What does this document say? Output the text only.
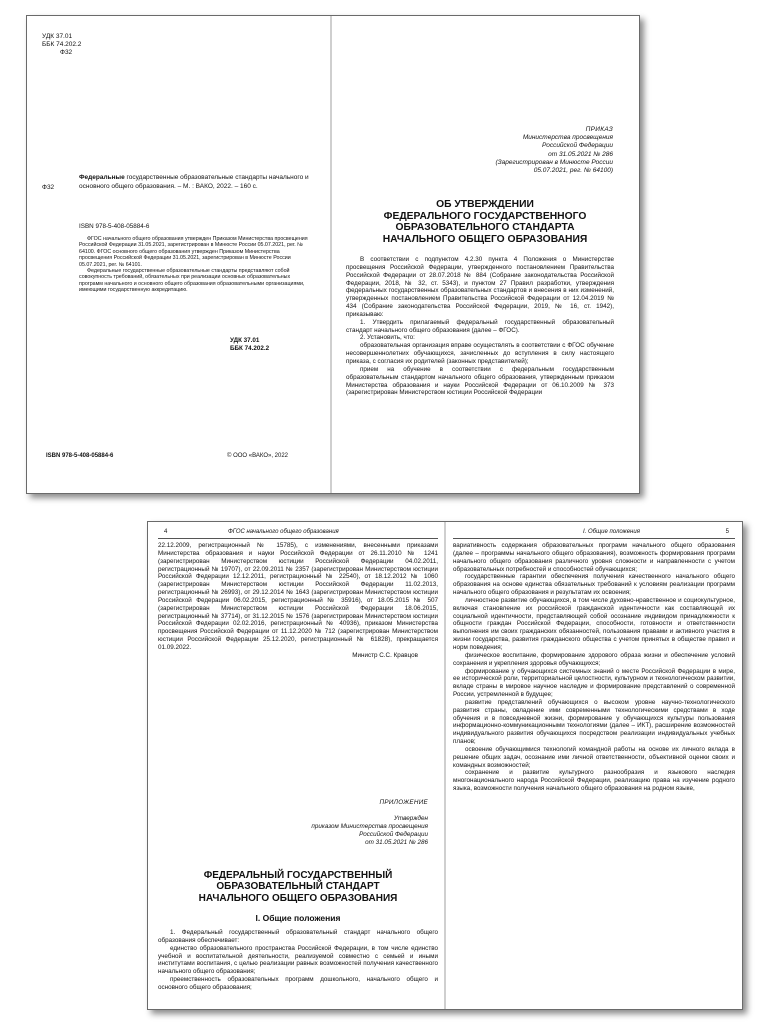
УДК 37.01
ББК 74.202.2
Ф32
Ф32
Федеральные государственные образовательные стандарты начального и основного общего образования. – М. : ВАКО, 2022. – 160 с.
ISBN 978-5-408-05884-6

ФГОС начального общего образования утвержден Приказом Министерства просвещения Российской Федерации 31.05.2021, зарегистрирован в Минюсте России 05.07.2021, рег. № 64100. ФГОС основного общего образования утвержден Приказом Министерства просвещения Российской Федерации 31.05.2021, зарегистрирован в Минюсте России 05.07.2021, рег. № 64101.

Федеральные государственные образовательные стандарты представляют собой совокупность требований, обязательных при реализации основных образовательных программ начального и основного общего образования образовательными организациями, имеющими государственную аккредитацию.

УДК 37.01
ББК 74.202.2
ISBN 978-5-408-05884-6	© ООО «ВАКО», 2022
ПРИКАЗ
Министерства просвещения
Российской Федерации
от 31.05.2021 № 286
(Зарегистрирован в Минюсте России
05.07.2021, рег. № 64100)
ОБ УТВЕРЖДЕНИИ
ФЕДЕРАЛЬНОГО ГОСУДАРСТВЕННОГО
ОБРАЗОВАТЕЛЬНОГО СТАНДАРТА
НАЧАЛЬНОГО ОБЩЕГО ОБРАЗОВАНИЯ

В соответствии с подпунктом 4.2.30 пункта 4 Положения о Министерстве просвещения Российской Федерации, утвержденного постановлением Правительства Российской Федерации от 28.07.2018 № 884 (Собрание законодательства Российской Федерации, 2018, № 32, ст. 5343), и пунктом 27 Правил разработки, утверждения федеральных государственных образовательных стандартов и внесения в них изменений, утвержденных постановлением Правительства Российской Федерации от 12.04.2019 № 434 (Собрание законодательства Российской Федерации, 2019, № 16, ст. 1942), приказываю:

1. Утвердить прилагаемый федеральный государственный образовательный стандарт начального общего образования (далее – ФГОС).

2. Установить, что:

образовательная организация вправе осуществлять в соответствии с ФГОС обучение несовершеннолетних обучающихся, зачисленных до вступления в силу настоящего приказа, с согласия их родителей (законных представителей);

прием на обучение в соответствии с федеральным государственным образовательным стандартом начального общего образования, утвержденным приказом Министерства образования и науки Российской Федерации от 06.10.2009 № 373 (зарегистрирован Министерством юстиции Российской Федерации

4	ФГОС начального общего образования

22.12.2009, регистрационный № 15785), с изменениями, внесенными приказами Министерства образования и науки Российской Федерации от 26.11.2010 № 1241 (зарегистрирован Министерством юстиции Российской Федерации 04.02.2011, регистрационный № 19707), от 22.09.2011 № 2357 (зарегистрирован Министерством юстиции Российской Федерации 12.12.2011, регистрационный № 22540), от 18.12.2012 № 1060 (зарегистрирован Министерством юстиции Российской Федерации 11.02.2013, регистрационный № 26993), от 29.12.2014 № 1643 (зарегистрирован Министерством юстиции Российской Федерации 06.02.2015, регистрационный № 35916), от 18.05.2015 № 507 (зарегистрирован Министерством юстиции Российской Федерации 18.06.2015, регистрационный № 37714), от 31.12.2015 № 1576 (зарегистрирован Министерством юстиции Российской Федерации 02.02.2016, регистрационный № 40936), приказом Министерства просвещения Российской Федерации от 11.12.2020 № 712 (зарегистрирован Министерством юстиции Российской Федерации 25.12.2020, регистрационный № 61828), прекращается 01.09.2022.

Министр С.С. Кравцов

ПРИЛОЖЕНИЕ
Утвержден
приказом Министерства просвещения
Российской Федерации
от 31.05.2021 № 286
ФЕДЕРАЛЬНЫЙ ГОСУДАРСТВЕННЫЙ
ОБРАЗОВАТЕЛЬНЫЙ СТАНДАРТ
НАЧАЛЬНОГО ОБЩЕГО ОБРАЗОВАНИЯ
I. Общие положения

1. Федеральный государственный образовательный стандарт начального общего образования обеспечивает:

единство образовательного пространства Российской Федерации, в том числе единство учебной и воспитательной деятельности, реализуемой совместно с семьей и иными институтами воспитания, с целью реализации равных возможностей получения качественного начального общего образования;

преемственность образовательных программ дошкольного, начального общего и основного общего образования;

I. Общие положения	5

вариативность содержания образовательных программ начального общего образования (далее – программы начального общего образования), возможность формирования программ начального общего образования различного уровня сложности и направленности с учетом образовательных потребностей и способностей обучающихся;

государственные гарантии обеспечения получения качественного начального общего образования на основе единства обязательных требований к условиям реализации программ начального общего образования и результатам их освоения;

личностное развитие обучающихся, в том числе духовно-нравственное и социокультурное, включая становление их российской гражданской идентичности как составляющей их социальной идентичности, представляющей собой осознание индивидом принадлежности к общности граждан Российской Федерации, способности, готовности и ответственности выполнения им своих гражданских обязанностей, пользования правами и активного участия в жизни государства, развития гражданского общества с учетом принятых в обществе правил и норм поведения;

физическое воспитание, формирование здорового образа жизни и обеспечение условий сохранения и укрепления здоровья обучающихся;

формирование у обучающихся системных знаний о месте Российской Федерации в мире, ее исторической роли, территориальной целостности, культурном и технологическом развитии, вкладе страны в мировое научное наследие и формирование представлений о современной России, устремленной в будущее;

развитие представлений обучающихся о высоком уровне научно-технологического развития страны, овладение ими современными технологическими средствами в ходе обучения и в повседневной жизни, формирование у обучающихся культуры пользования информационно-коммуникационными технологиями (далее – ИКТ), расширение возможностей индивидуального развития обучающихся посредством реализации индивидуальных учебных планов;

освоение обучающимися технологий командной работы на основе их личного вклада в решение общих задач, осознание ими личной ответственности, объективной оценки своих и командных возможностей;

сохранение и развитие культурного разнообразия и языкового наследия многонационального народа Российской Федерации, реализацию права на изучение родного языка, возможности получения начального общего образования на родном языке,
